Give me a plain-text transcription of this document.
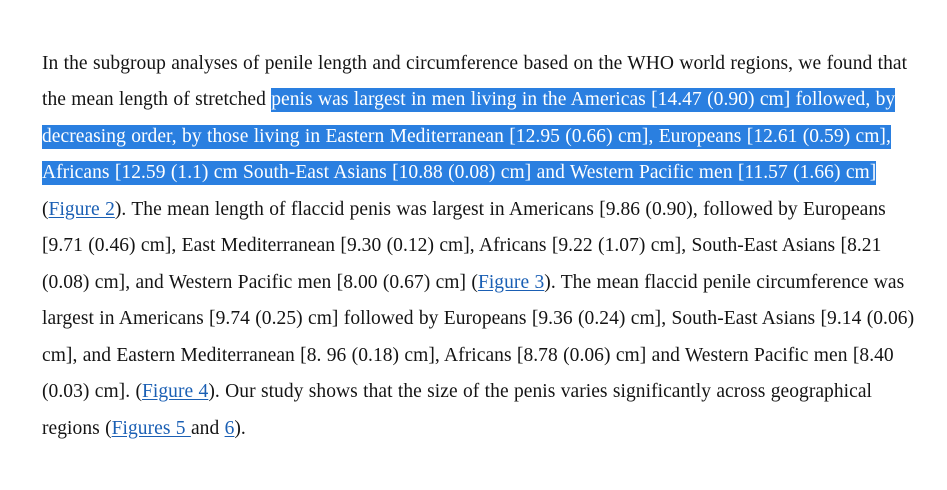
In the subgroup analyses of penile length and circumference based on the WHO world regions, we found that the mean length of stretched penis was largest in men living in the Americas [14.47 (0.90) cm] followed, by decreasing order, by those living in Eastern Mediterranean [12.95 (0.66) cm], Europeans [12.61 (0.59) cm], Africans [12.59 (1.1) cm South-East Asians [10.88 (0.08) cm] and Western Pacific men [11.57 (1.66) cm] (Figure 2). The mean length of flaccid penis was largest in Americans [9.86 (0.90), followed by Europeans [9.71 (0.46) cm], East Mediterranean [9.30 (0.12) cm], Africans [9.22 (1.07) cm], South-East Asians [8.21 (0.08) cm], and Western Pacific men [8.00 (0.67) cm] (Figure 3). The mean flaccid penile circumference was largest in Americans [9.74 (0.25) cm] followed by Europeans [9.36 (0.24) cm], South-East Asians [9.14 (0.06) cm], and Eastern Mediterranean [8. 96 (0.18) cm], Africans [8.78 (0.06) cm] and Western Pacific men [8.40 (0.03) cm]. (Figure 4). Our study shows that the size of the penis varies significantly across geographical regions (Figures 5 and 6).
